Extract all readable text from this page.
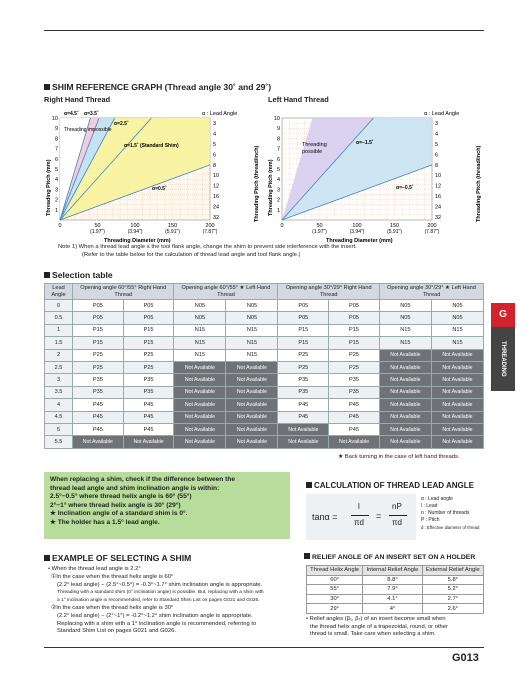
SHIM REFERENCE GRAPH (Thread angle 30˚ and 29˚)
Right Hand Thread	Left Hand Thread
α : Lead Angle
Threading impossible
α=4.5˚ α=3.5˚
α=2.5˚
α=1.5˚ (Standard Shim)
α=0.5˚
0	50
(1.97")
100
(3.94")
150
(5.91")
200
(7.87")
1
2
3
4
5
6
7
8
9
10
3
4
5
6
8
10
12
16
24
32
Threading Pitch (mm)	Threading Pitch (thread/inch)
Threading Diameter (mm)
α : Lead Angle
Threading
possible
α=−1.5˚
α=−0.5˚
0	50
(1.97")
100
(3.94")
150
(5.91")
200
(7.87")
1
2
3
4
5
6
7
8
9
10
3
4
5
6
8
10
12
16
24
32
Threading Pitch (mm)	Threading Pitch (thread/inch)
Threading Diameter (mm)
Note 1) When a thread lead angle ≤ the tool flank angle, change the shim to prevent side interference with the insert.
(Refer to the table below for the calculation of thread lead angle and tool flank angle.)
Selection table
Lead Angle	Opening angle 60°/55° Right Hand Thread		Opening angle 60°/55° ★ Left Hand Thread		Opening angle 30°/29° Right Hand Thread		Opening angle 30°/29° ★ Left Hand Thread	
0	P05	P05	N05	N05	P05	P05	N05	N05
0.5	P05	P05	N05	N05	P05	P05	N05	N05
1	P15	P15	N15	N15	P15	P15	N15	N15
1.5	P15	P15	N15	N15	P15	P15	N15	N15
2	P25	P25	N15	N15	P25	P25	Not Available	Not Available
2.5	P25	P25	Not Available	Not Available	P25	P25	Not Available	Not Available
3	P35	P35	Not Available	Not Available	P35	P35	Not Available	Not Available
3.5	P35	P35	Not Available	Not Available	P35	P35	Not Available	Not Available
4	P45	P45	Not Available	Not Available	P45	P45	Not Available	Not Available
4.5	P45	P45	Not Available	Not Available	P45	P45	Not Available	Not Available
5	P45	P45	Not Available	Not Available	Not Available	P45	Not Available	Not Available
5.5	Not Available	Not Available	Not Available	Not Available	Not Available	Not Available	Not Available	Not Available
★ Back turning in the case of left hand threads.
G
THREADING
When replacing a shim, check if the difference between the
thread lead angle and shim inclination angle is within:
2.5°−0.5° where thread helix angle is 60° (55°)
2°−1° where thread helix angle is 30° (29°)
★ Inclination angle of a standard shim is 0°.
★ The holder has a 1.5° lead angle.
CALCULATION OF THREAD LEAD ANGLE
tanα =
l
πd
=
nP
πd
α : Lead angle
l : Lead
n : Number of threads
P : Pitch
d : Effective diameter of thread
EXAMPLE OF SELECTING A SHIM
• When the thread lead angle is 2.2°
①In the case when the thread helix angle is 60°
(2.2° lead angle) − (2.5°~0.5°) = -0.3°~1.7° shim inclination angle is appropriate.
Threading with a standard shim (0° inclination angle) is possible. But, replacing with a shim with
a 1° inclination angle is recommended, refer to Standard Shim List on pages G021 and G026.
②In the case when the thread helix angle is 30°
(2.2° lead angle) − (2°~1°) = -0.2°~1.2° shim inclination angle is appropriate.
Replacing with a shim with a 1° inclination angle is recommended, referring to
Standard Shim List on pages G021 and G026.
RELIEF ANGLE OF AN INSERT SET ON A HOLDER
Thread Helix Angle	Internal Relief Angle	External Relief Angle
60°	8.8°	5.8°
55°	7.9°	5.2°
30°	4.1°	2.7°
29°	4°	2.6°
• Relief angles (β₁, β₇) of an insert become small when
the thread helix angle of a trapezoidal, round, or other
thread is small. Take care when selecting a shim.
G013
